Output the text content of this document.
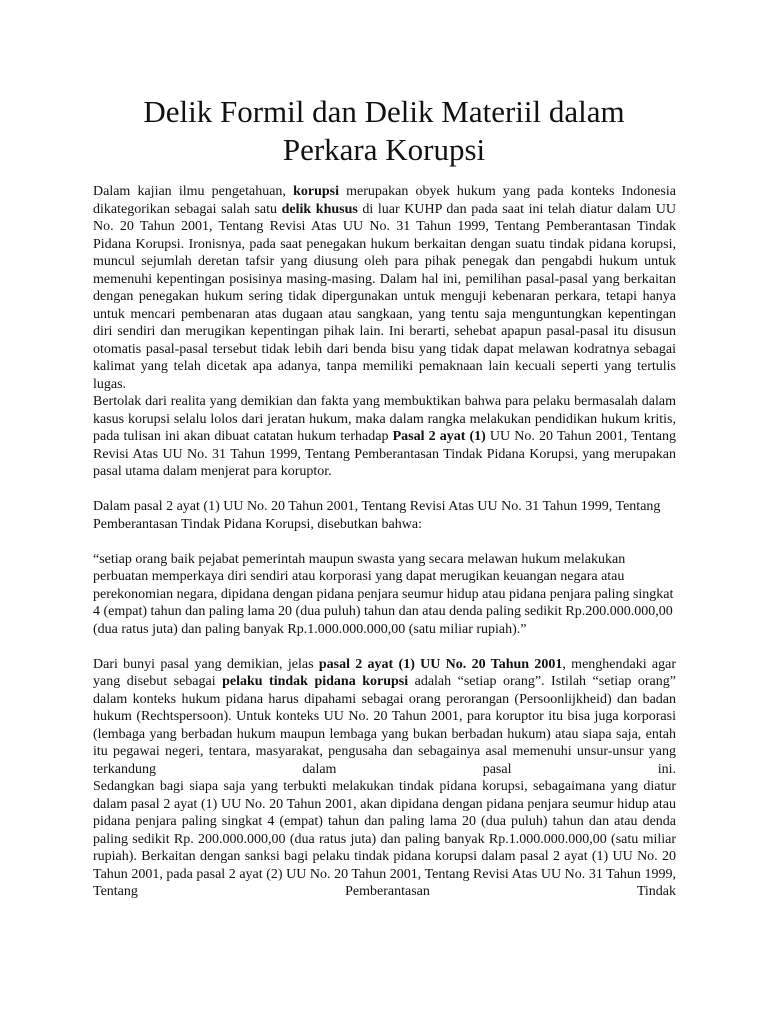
Delik Formil dan Delik Materiil dalam
Perkara Korupsi

Dalam kajian ilmu pengetahuan, korupsi merupakan obyek hukum yang pada konteks Indonesia dikategorikan sebagai salah satu delik khusus di luar KUHP dan pada saat ini telah diatur dalam UU No. 20 Tahun 2001, Tentang Revisi Atas UU No. 31 Tahun 1999, Tentang Pemberantasan Tindak Pidana Korupsi. Ironisnya, pada saat penegakan hukum berkaitan dengan suatu tindak pidana korupsi, muncul sejumlah deretan tafsir yang diusung oleh para pihak penegak dan pengabdi hukum untuk memenuhi kepentingan posisinya masing-masing. Dalam hal ini, pemilihan pasal-pasal yang berkaitan dengan penegakan hukum sering tidak dipergunakan untuk menguji kebenaran perkara, tetapi hanya untuk mencari pembenaran atas dugaan atau sangkaan, yang tentu saja menguntungkan kepentingan diri sendiri dan merugikan kepentingan pihak lain. Ini berarti, sehebat apapun pasal-pasal itu disusun otomatis pasal-pasal tersebut tidak lebih dari benda bisu yang tidak dapat melawan kodratnya sebagai kalimat yang telah dicetak apa adanya, tanpa memiliki pemaknaan lain kecuali seperti yang tertulis lugas.

Bertolak dari realita yang demikian dan fakta yang membuktikan bahwa para pelaku bermasalah dalam kasus korupsi selalu lolos dari jeratan hukum, maka dalam rangka melakukan pendidikan hukum kritis, pada tulisan ini akan dibuat catatan hukum terhadap Pasal 2 ayat (1) UU No. 20 Tahun 2001, Tentang Revisi Atas UU No. 31 Tahun 1999, Tentang Pemberantasan Tindak Pidana Korupsi, yang merupakan pasal utama dalam menjerat para koruptor.

Dalam pasal 2 ayat (1) UU No. 20 Tahun 2001, Tentang Revisi Atas UU No. 31 Tahun 1999, Tentang Pemberantasan Tindak Pidana Korupsi, disebutkan bahwa:

“setiap orang baik pejabat pemerintah maupun swasta yang secara melawan hukum melakukan perbuatan memperkaya diri sendiri atau korporasi yang dapat merugikan keuangan negara atau perekonomian negara, dipidana dengan pidana penjara seumur hidup atau pidana penjara paling singkat 4 (empat) tahun dan paling lama 20 (dua puluh) tahun dan atau denda paling sedikit Rp.200.000.000,00 (dua ratus juta) dan paling banyak Rp.1.000.000.000,00 (satu miliar rupiah).”

Dari bunyi pasal yang demikian, jelas pasal 2 ayat (1) UU No. 20 Tahun 2001, menghendaki agar yang disebut sebagai pelaku tindak pidana korupsi adalah “setiap orang”. Istilah “setiap orang” dalam konteks hukum pidana harus dipahami sebagai orang perorangan (Persoonlijkheid) dan badan hukum (Rechtspersoon). Untuk konteks UU No. 20 Tahun 2001, para koruptor itu bisa juga korporasi (lembaga yang berbadan hukum maupun lembaga yang bukan berbadan hukum) atau siapa saja, entah itu pegawai negeri, tentara, masyarakat, pengusaha dan sebagainya asal memenuhi unsur-unsur yang terkandung dalam pasal ini.

Sedangkan bagi siapa saja yang terbukti melakukan tindak pidana korupsi, sebagaimana yang diatur dalam pasal 2 ayat (1) UU No. 20 Tahun 2001, akan dipidana dengan pidana penjara seumur hidup atau pidana penjara paling singkat 4 (empat) tahun dan paling lama 20 (dua puluh) tahun dan atau denda paling sedikit Rp. 200.000.000,00 (dua ratus juta) dan paling banyak Rp.1.000.000.000,00 (satu miliar rupiah). Berkaitan dengan sanksi bagi pelaku tindak pidana korupsi dalam pasal 2 ayat (1) UU No. 20 Tahun 2001, pada pasal 2 ayat (2) UU No. 20 Tahun 2001, Tentang Revisi Atas UU No. 31 Tahun 1999, Tentang Pemberantasan Tindak
